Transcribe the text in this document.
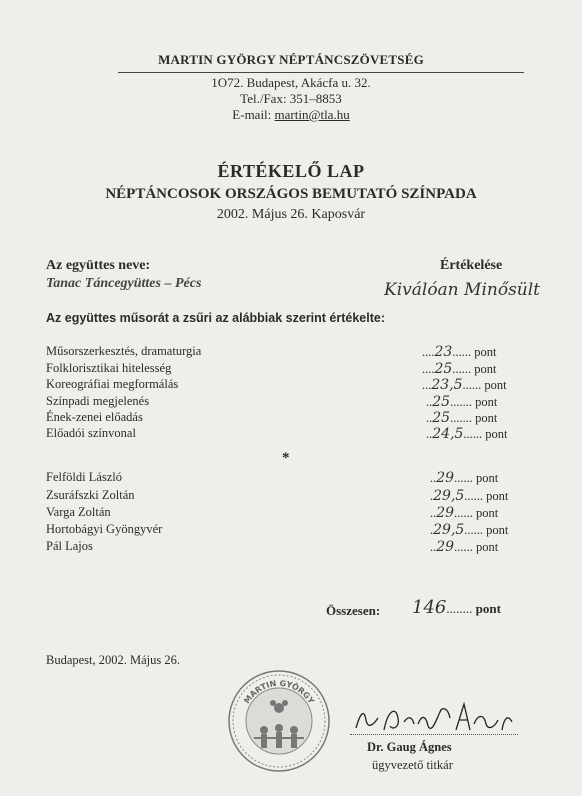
MARTIN GYÖRGY NÉPTÁNCSZÖVETSÉG
1O72. Budapest, Akácfa u. 32.
Tel./Fax: 351–8853
E-mail: martin@tla.hu
ÉRTÉKELŐ LAP
NÉPTÁNCOSOK ORSZÁGOS BEMUTATÓ SZÍNPADA
2002. Május 26. Kaposvár
Az együttes neve:
Tanac Táncegyüttes – Pécs
Értékelése
Kiválóan Minősült
Az együttes műsorát a zsűri az alábbiak szerint értékelte:
Műsorszerkesztés, dramaturgia
Folklorisztikai hitelesség
Koreográfiai megformálás
Színpadi megjelenés
Ének-zenei előadás
Előadói színvonal
....23...... pont
....25...... pont
...23,5...... pont
..25....... pont
..25....... pont
..24,5...... pont
*
Felföldi László
Zsuráfszki Zoltán
Varga Zoltán
Hortobágyi Gyöngyvér
Pál Lajos
..29...... pont
.29,5...... pont
..29...... pont
.29,5...... pont
..29...... pont
Összesen: 146........ pont
Budapest, 2002. Május 26.
MARTIN GYÖRGY
Dr. Gaug Ágnes
ügyvezető titkár
